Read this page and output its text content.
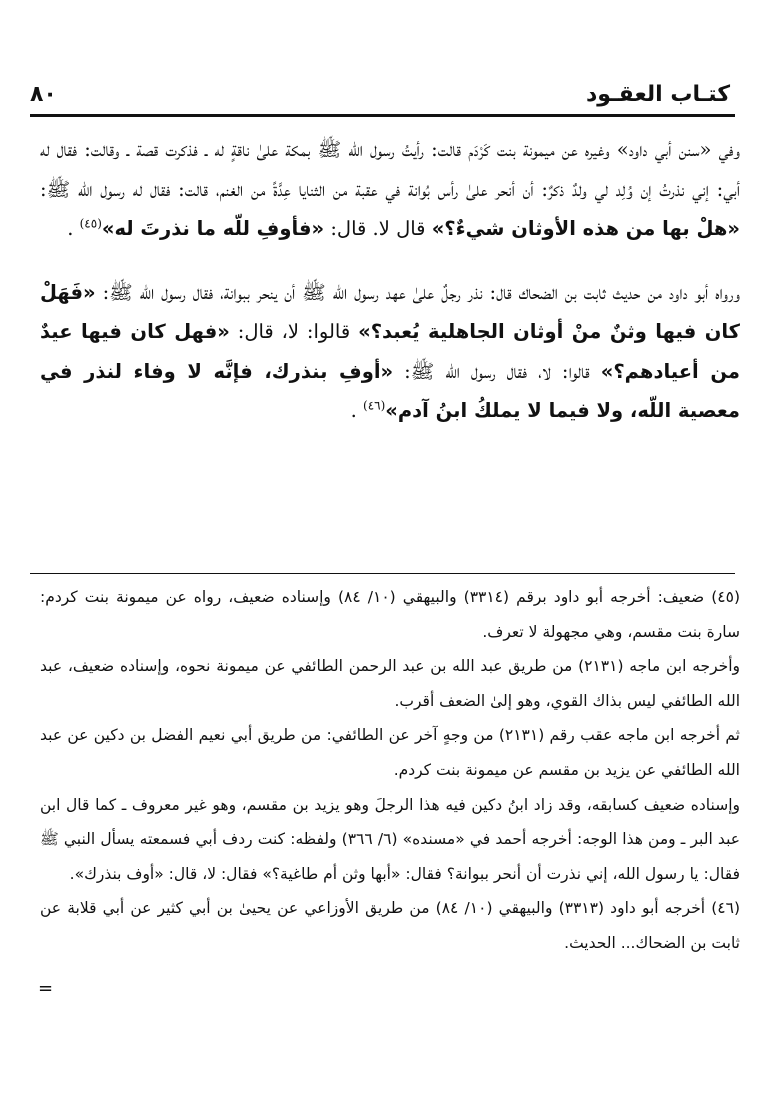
كتـاب العقـود
٨٠

وفي «سنن أبي داود» وغيره عن ميمونة بنت كَرْدَم قالت: رأيتُ رسول اللّه ﷺ بمكة علىٰ ناقةٍ له ـ فذكرت قصة ـ وقالت: فقال له أبي: إني نذرتُ إن وُلِد لي ولدٌ ذكرٌ: أن أنحر علىٰ رأس بُوانة في عقبة من الثنايا عِدَّةً من الغنم، قالت: فقال له رسول اللّه ﷺ: «هلْ بها من هذه الأوثان شيءٌ؟» قال لا. قال: «فأوفِ للّه ما نذرتَ له»$^{(٤٥)}$ .

ورواه أبو داود من حديث ثابت بن الضحاك قال: نذر رجلٌ علىٰ عهد رسول الله ﷺ أن ينحر ببوانة، فقال رسول اللّه ﷺ: «فَهَلْ كان فيها وثنٌ منْ أوثان الجاهلية يُعبد؟» قالوا: لا، قال: «فهل كان فيها عيدٌ من أعيادهم؟» قالوا: لا، فقال رسول اللّه ﷺ: «أوفِ بنذرك، فإنَّه لا وفاء لنذر في معصية اللّه، ولا فيما لا يملكُ ابنُ آدم»$^{(٤٦)}$ .

(٤٥) ضعيف: أخرجه أبو داود برقم (٣٣١٤) والبيهقي (١٠/ ٨٤) وإسناده ضعيف، رواه عن ميمونة بنت كردم: سارة بنت مقسم، وهي مجهولة لا تعرف.

وأخرجه ابن ماجه (٢١٣١) من طريق عبد الله بن عبد الرحمن الطائفي عن ميمونة نحوه، وإسناده ضعيف، عبد الله الطائفي ليس بذاك القوي، وهو إلىٰ الضعف أقرب.

ثم أخرجه ابن ماجه عقب رقم (٢١٣١) من وجهٍ آخر عن الطائفي: من طريق أبي نعيم الفضل بن دكين عن عبد الله الطائفي عن يزيد بن مقسم عن ميمونة بنت كردم.

وإسناده ضعيف كسابقه، وقد زاد ابنُ دكين فيه هذا الرجلَ وهو يزيد بن مقسم، وهو غير معروف ـ كما قال ابن عبد البر ـ ومن هذا الوجه: أخرجه أحمد في «مسنده» (٦/ ٣٦٦) ولفظه: كنت ردف أبي فسمعته يسأل النبي ﷺ فقال: يا رسول الله، إني نذرت أن أنحر ببوانة؟ فقال: «أبها وثن أم طاغية؟» فقال: لا، قال: «أوف بنذرك».

(٤٦) أخرجه أبو داود (٣٣١٣) والبيهقي (١٠/ ٨٤) من طريق الأوزاعي عن يحيىٰ بن أبي كثير عن أبي قلابة عن ثابت بن الضحاك... الحديث.

=
